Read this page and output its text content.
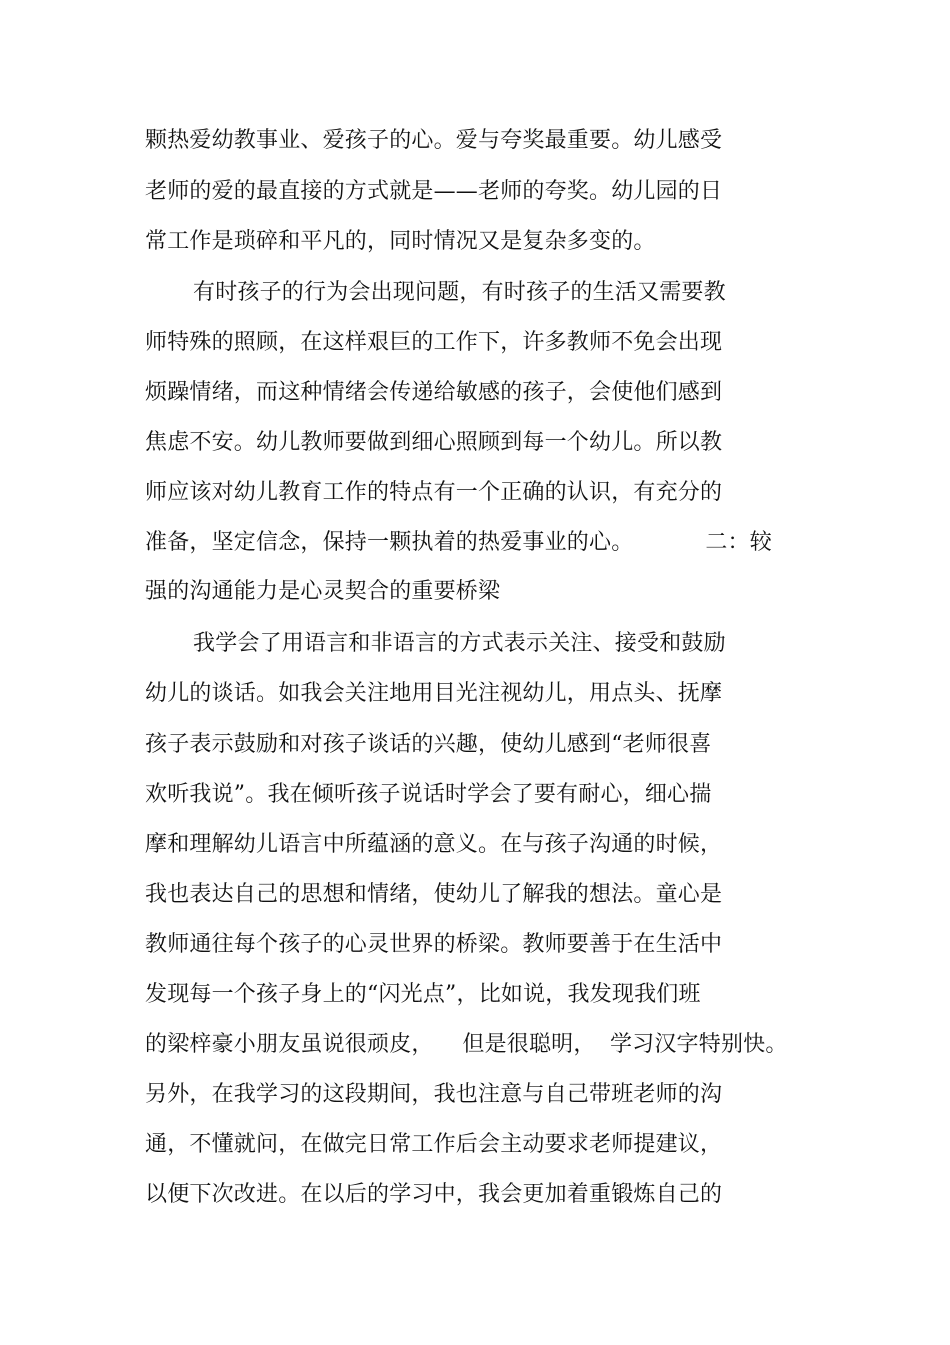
颗热爱幼教事业、爱孩子的心。爱与夸奖最重要。幼儿感受
老师的爱的最直接的方式就是——老师的夸奖。幼儿园的日
常工作是琐碎和平凡的，同时情况又是复杂多变的。
有时孩子的行为会出现问题，有时孩子的生活又需要教
师特殊的照顾，在这样艰巨的工作下，许多教师不免会出现
烦躁情绪，而这种情绪会传递给敏感的孩子，会使他们感到
焦虑不安。幼儿教师要做到细心照顾到每一个幼儿。所以教
师应该对幼儿教育工作的特点有一个正确的认识，有充分的
准备，坚定信念，保持一颗执着的热爱事业的心。          二：较
强的沟通能力是心灵契合的重要桥梁
我学会了用语言和非语言的方式表示关注、接受和鼓励
幼儿的谈话。如我会关注地用目光注视幼儿，用点头、抚摩
孩子表示鼓励和对孩子谈话的兴趣，使幼儿感到“老师很喜
欢听我说”。我在倾听孩子说话时学会了要有耐心，细心揣
摩和理解幼儿语言中所蕴涵的意义。在与孩子沟通的时候，
我也表达自己的思想和情绪，使幼儿了解我的想法。童心是
教师通往每个孩子的心灵世界的桥梁。教师要善于在生活中
发现每一个孩子身上的“闪光点”，比如说，我发现我们班
的梁梓豪小朋友虽说很顽皮，    但是很聪明，  学习汉字特别快。
另外，在我学习的这段期间，我也注意与自己带班老师的沟
通，不懂就问，在做完日常工作后会主动要求老师提建议，
以便下次改进。在以后的学习中，我会更加着重锻炼自己的
